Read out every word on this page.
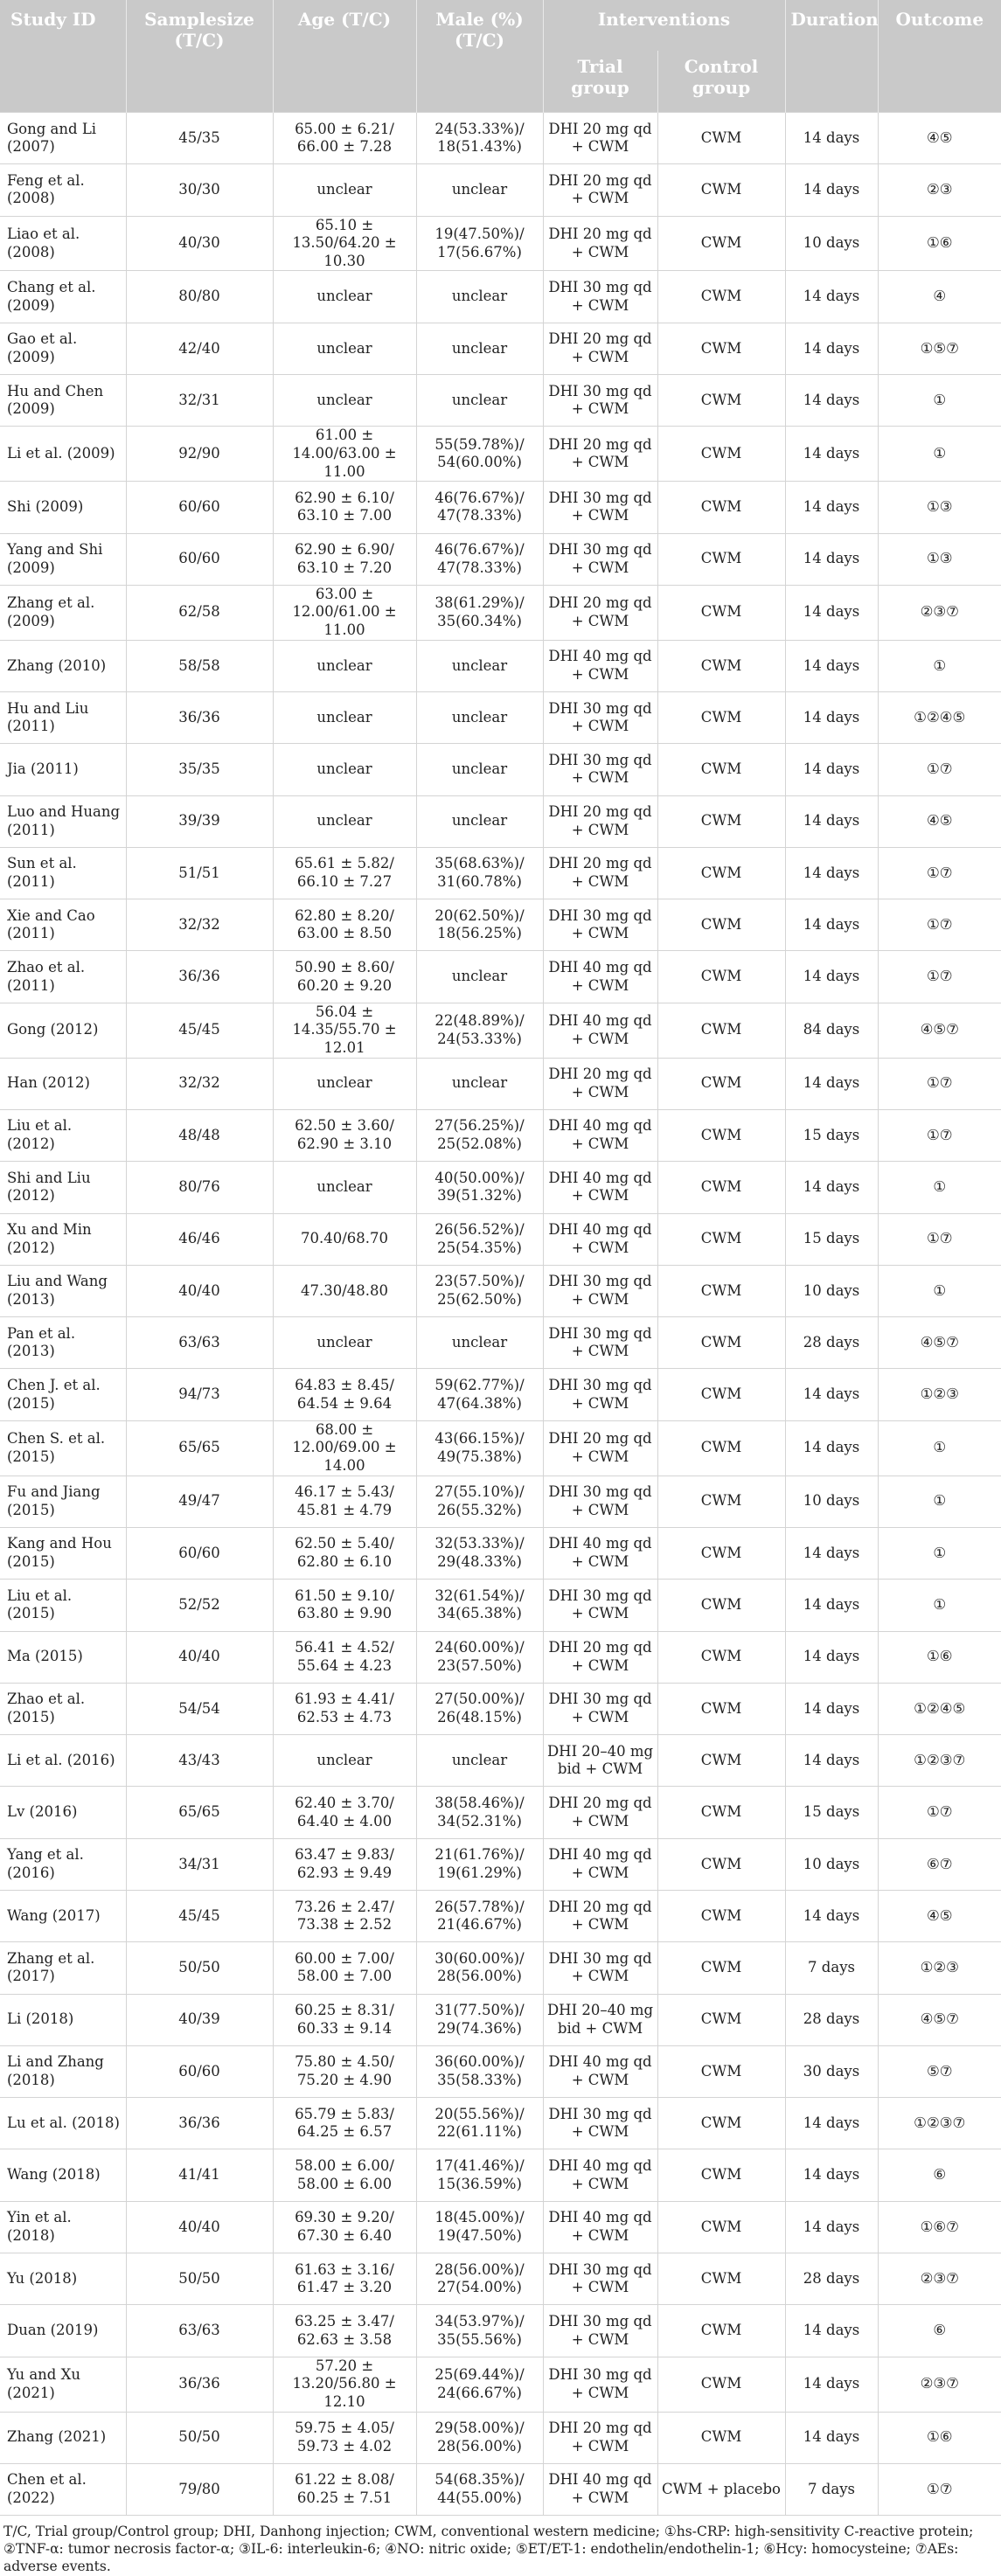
Study ID	Samplesize (T/C)	Age (T/C)	Male (%) (T/C)	Interventions		Duration	Outcome
				Trial group	Control group		
Gong and Li (2007)	45/35	65.00 ± 6.21/ 66.00 ± 7.28	24(53.33%)/ 18(51.43%)	DHI 20 mg qd + CWM	CWM	14 days	④⑤
Feng et al. (2008)	30/30	unclear	unclear	DHI 20 mg qd + CWM	CWM	14 days	②③
Liao et al. (2008)	40/30	65.10 ± 13.50/64.20 ± 10.30	19(47.50%)/ 17(56.67%)	DHI 20 mg qd + CWM	CWM	10 days	①⑥
Chang et al. (2009)	80/80	unclear	unclear	DHI 30 mg qd + CWM	CWM	14 days	④
Gao et al. (2009)	42/40	unclear	unclear	DHI 20 mg qd + CWM	CWM	14 days	①⑤⑦
Hu and Chen (2009)	32/31	unclear	unclear	DHI 30 mg qd + CWM	CWM	14 days	①
Li et al. (2009)	92/90	61.00 ± 14.00/63.00 ± 11.00	55(59.78%)/ 54(60.00%)	DHI 20 mg qd + CWM	CWM	14 days	①
Shi (2009)	60/60	62.90 ± 6.10/ 63.10 ± 7.00	46(76.67%)/ 47(78.33%)	DHI 30 mg qd + CWM	CWM	14 days	①③
Yang and Shi (2009)	60/60	62.90 ± 6.90/ 63.10 ± 7.20	46(76.67%)/ 47(78.33%)	DHI 30 mg qd + CWM	CWM	14 days	①③
Zhang et al. (2009)	62/58	63.00 ± 12.00/61.00 ± 11.00	38(61.29%)/ 35(60.34%)	DHI 20 mg qd + CWM	CWM	14 days	②③⑦
Zhang (2010)	58/58	unclear	unclear	DHI 40 mg qd + CWM	CWM	14 days	①
Hu and Liu (2011)	36/36	unclear	unclear	DHI 30 mg qd + CWM	CWM	14 days	①②④⑤
Jia (2011)	35/35	unclear	unclear	DHI 30 mg qd + CWM	CWM	14 days	①⑦
Luo and Huang (2011)	39/39	unclear	unclear	DHI 20 mg qd + CWM	CWM	14 days	④⑤
Sun et al. (2011)	51/51	65.61 ± 5.82/ 66.10 ± 7.27	35(68.63%)/ 31(60.78%)	DHI 20 mg qd + CWM	CWM	14 days	①⑦
Xie and Cao (2011)	32/32	62.80 ± 8.20/ 63.00 ± 8.50	20(62.50%)/ 18(56.25%)	DHI 30 mg qd + CWM	CWM	14 days	①⑦
Zhao et al. (2011)	36/36	50.90 ± 8.60/ 60.20 ± 9.20	unclear	DHI 40 mg qd + CWM	CWM	14 days	①⑦
Gong (2012)	45/45	56.04 ± 14.35/55.70 ± 12.01	22(48.89%)/ 24(53.33%)	DHI 40 mg qd + CWM	CWM	84 days	④⑤⑦
Han (2012)	32/32	unclear	unclear	DHI 20 mg qd + CWM	CWM	14 days	①⑦
Liu et al. (2012)	48/48	62.50 ± 3.60/ 62.90 ± 3.10	27(56.25%)/ 25(52.08%)	DHI 40 mg qd + CWM	CWM	15 days	①⑦
Shi and Liu (2012)	80/76	unclear	40(50.00%)/ 39(51.32%)	DHI 40 mg qd + CWM	CWM	14 days	①
Xu and Min (2012)	46/46	70.40/68.70	26(56.52%)/ 25(54.35%)	DHI 40 mg qd + CWM	CWM	15 days	①⑦
Liu and Wang (2013)	40/40	47.30/48.80	23(57.50%)/ 25(62.50%)	DHI 30 mg qd + CWM	CWM	10 days	①
Pan et al. (2013)	63/63	unclear	unclear	DHI 30 mg qd + CWM	CWM	28 days	④⑤⑦
Chen J. et al. (2015)	94/73	64.83 ± 8.45/ 64.54 ± 9.64	59(62.77%)/ 47(64.38%)	DHI 30 mg qd + CWM	CWM	14 days	①②③
Chen S. et al. (2015)	65/65	68.00 ± 12.00/69.00 ± 14.00	43(66.15%)/ 49(75.38%)	DHI 20 mg qd + CWM	CWM	14 days	①
Fu and Jiang (2015)	49/47	46.17 ± 5.43/ 45.81 ± 4.79	27(55.10%)/ 26(55.32%)	DHI 30 mg qd + CWM	CWM	10 days	①
Kang and Hou (2015)	60/60	62.50 ± 5.40/ 62.80 ± 6.10	32(53.33%)/ 29(48.33%)	DHI 40 mg qd + CWM	CWM	14 days	①
Liu et al. (2015)	52/52	61.50 ± 9.10/ 63.80 ± 9.90	32(61.54%)/ 34(65.38%)	DHI 30 mg qd + CWM	CWM	14 days	①
Ma (2015)	40/40	56.41 ± 4.52/ 55.64 ± 4.23	24(60.00%)/ 23(57.50%)	DHI 20 mg qd + CWM	CWM	14 days	①⑥
Zhao et al. (2015)	54/54	61.93 ± 4.41/ 62.53 ± 4.73	27(50.00%)/ 26(48.15%)	DHI 30 mg qd + CWM	CWM	14 days	①②④⑤
Li et al. (2016)	43/43	unclear	unclear	DHI 20–40 mg bid + CWM	CWM	14 days	①②③⑦
Lv (2016)	65/65	62.40 ± 3.70/ 64.40 ± 4.00	38(58.46%)/ 34(52.31%)	DHI 20 mg qd + CWM	CWM	15 days	①⑦
Yang et al. (2016)	34/31	63.47 ± 9.83/ 62.93 ± 9.49	21(61.76%)/ 19(61.29%)	DHI 40 mg qd + CWM	CWM	10 days	⑥⑦
Wang (2017)	45/45	73.26 ± 2.47/ 73.38 ± 2.52	26(57.78%)/ 21(46.67%)	DHI 20 mg qd + CWM	CWM	14 days	④⑤
Zhang et al. (2017)	50/50	60.00 ± 7.00/ 58.00 ± 7.00	30(60.00%)/ 28(56.00%)	DHI 30 mg qd + CWM	CWM	7 days	①②③
Li (2018)	40/39	60.25 ± 8.31/ 60.33 ± 9.14	31(77.50%)/ 29(74.36%)	DHI 20–40 mg bid + CWM	CWM	28 days	④⑤⑦
Li and Zhang (2018)	60/60	75.80 ± 4.50/ 75.20 ± 4.90	36(60.00%)/ 35(58.33%)	DHI 40 mg qd + CWM	CWM	30 days	⑤⑦
Lu et al. (2018)	36/36	65.79 ± 5.83/ 64.25 ± 6.57	20(55.56%)/ 22(61.11%)	DHI 30 mg qd + CWM	CWM	14 days	①②③⑦
Wang (2018)	41/41	58.00 ± 6.00/ 58.00 ± 6.00	17(41.46%)/ 15(36.59%)	DHI 40 mg qd + CWM	CWM	14 days	⑥
Yin et al. (2018)	40/40	69.30 ± 9.20/ 67.30 ± 6.40	18(45.00%)/ 19(47.50%)	DHI 40 mg qd + CWM	CWM	14 days	①⑥⑦
Yu (2018)	50/50	61.63 ± 3.16/ 61.47 ± 3.20	28(56.00%)/ 27(54.00%)	DHI 30 mg qd + CWM	CWM	28 days	②③⑦
Duan (2019)	63/63	63.25 ± 3.47/ 62.63 ± 3.58	34(53.97%)/ 35(55.56%)	DHI 30 mg qd + CWM	CWM	14 days	⑥
Yu and Xu (2021)	36/36	57.20 ± 13.20/56.80 ± 12.10	25(69.44%)/ 24(66.67%)	DHI 30 mg qd + CWM	CWM	14 days	②③⑦
Zhang (2021)	50/50	59.75 ± 4.05/ 59.73 ± 4.02	29(58.00%)/ 28(56.00%)	DHI 20 mg qd + CWM	CWM	14 days	①⑥
Chen et al. (2022)	79/80	61.22 ± 8.08/ 60.25 ± 7.51	54(68.35%)/ 44(55.00%)	DHI 40 mg qd + CWM	CWM + placebo	7 days	①⑦
T/C, Trial group/Control group; DHI, Danhong injection; CWM, conventional western medicine; ①hs-CRP: high-sensitivity C-reactive protein; ②TNF-α: tumor necrosis factor-α; ③IL-6: interleukin-6; ④NO: nitric oxide; ⑤ET/ET-1: endothelin/endothelin-1; ⑥Hcy: homocysteine; ⑦AEs: adverse events.
